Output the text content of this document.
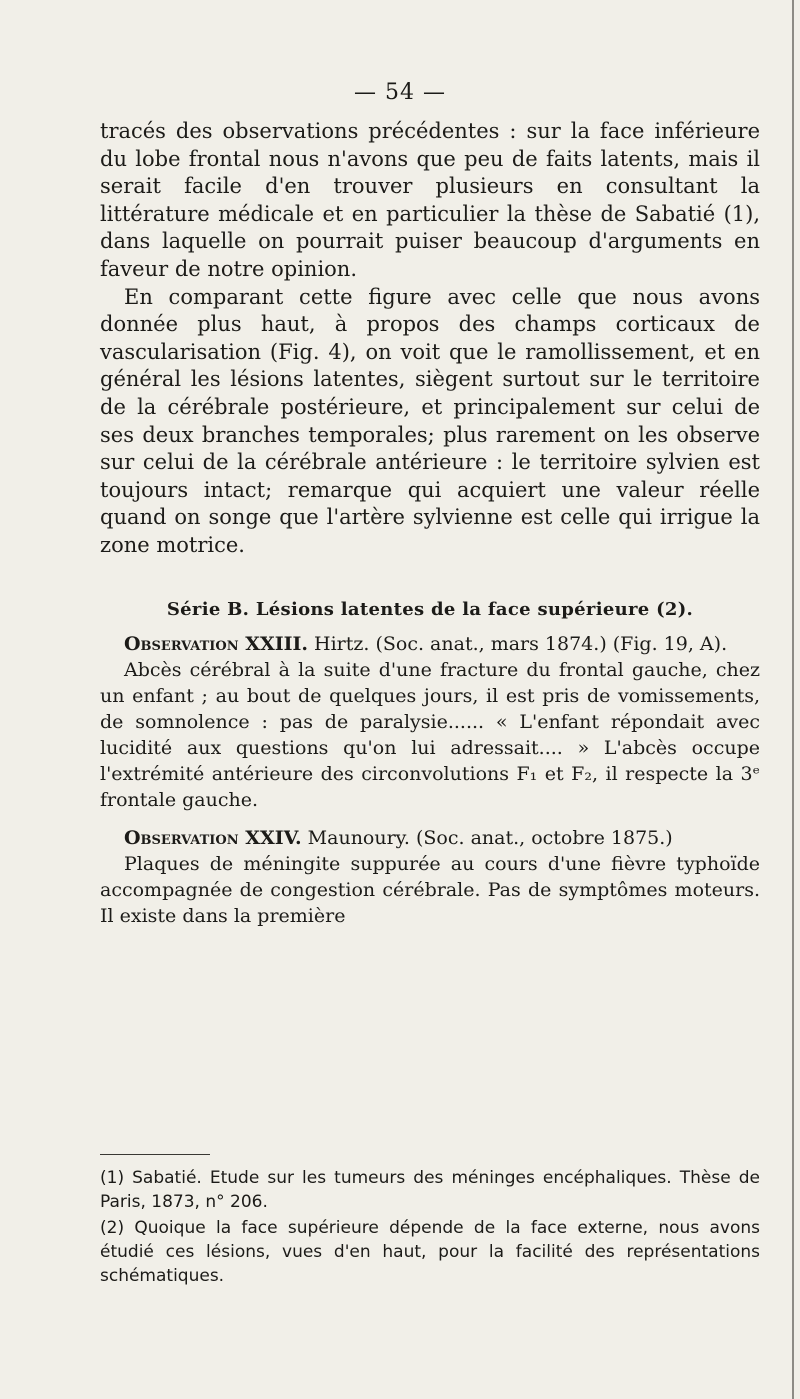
— 54 —

tracés des observations précédentes : sur la face inférieure du lobe frontal nous n'avons que peu de faits latents, mais il serait facile d'en trouver plusieurs en consultant la littérature médicale et en particulier la thèse de Sabatié (1), dans laquelle on pourrait puiser beaucoup d'arguments en faveur de notre opinion.

En comparant cette figure avec celle que nous avons donnée plus haut, à propos des champs corticaux de vascularisation (Fig. 4), on voit que le ramollissement, et en général les lésions latentes, siègent surtout sur le territoire de la cérébrale postérieure, et principalement sur celui de ses deux branches temporales; plus rarement on les observe sur celui de la cérébrale antérieure : le territoire sylvien est toujours intact; remarque qui acquiert une valeur réelle quand on songe que l'artère sylvienne est celle qui irrigue la zone motrice.

Série B. Lésions latentes de la face supérieure (2).

Observation XXIII. Hirtz. (Soc. anat., mars 1874.) (Fig. 19, A).

Abcès cérébral à la suite d'une fracture du frontal gauche, chez un enfant ; au bout de quelques jours, il est pris de vomissements, de somnolence : pas de paralysie...... « L'enfant répondait avec lucidité aux questions qu'on lui adressait.... » L'abcès occupe l'extrémité antérieure des circonvolutions F₁ et F₂, il respecte la 3ᵉ frontale gauche.

Observation XXIV. Maunoury. (Soc. anat., octobre 1875.)

Plaques de méningite suppurée au cours d'une fièvre typhoïde accompagnée de congestion cérébrale. Pas de symptômes moteurs. Il existe dans la première

(1) Sabatié. Etude sur les tumeurs des méninges encéphaliques. Thèse de Paris, 1873, n° 206.

(2) Quoique la face supérieure dépende de la face externe, nous avons étudié ces lésions, vues d'en haut, pour la facilité des représentations schématiques.
